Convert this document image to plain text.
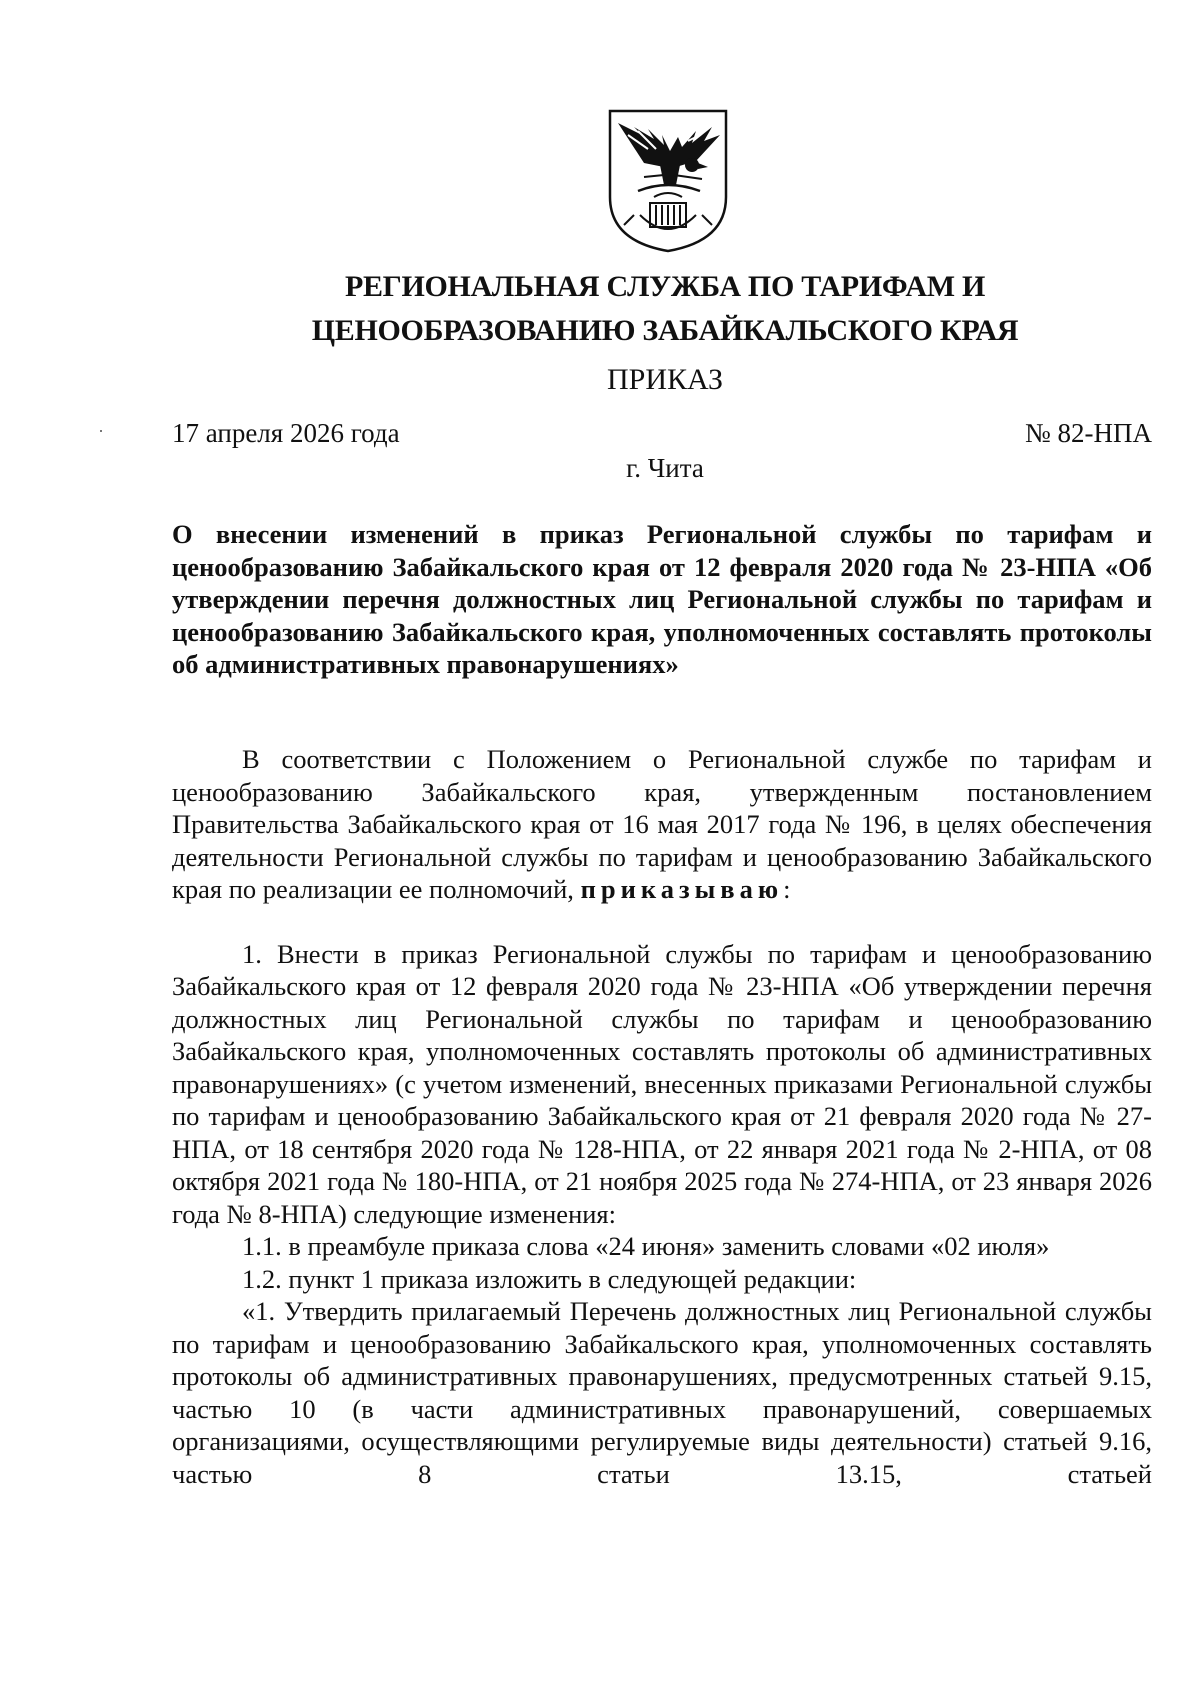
РЕГИОНАЛЬНАЯ СЛУЖБА ПО ТАРИФАМ И
ЦЕНООБРАЗОВАНИЮ ЗАБАЙКАЛЬСКОГО КРАЯ
ПРИКАЗ
17 апреля 2026 года	№ 82-НПА
г. Чита
О внесении изменений в приказ Региональной службы по тарифам и ценообразованию Забайкальского края от 12 февраля 2020 года № 23-НПА «Об утверждении перечня должностных лиц Региональной службы по тарифам и ценообразованию Забайкальского края, уполномоченных составлять протоколы об административных правонарушениях»

В соответствии с Положением о Региональной службе по тарифам и ценообразованию Забайкальского края, утвержденным постановлением Правительства Забайкальского края от 16 мая 2017 года № 196, в целях обеспечения деятельности Региональной службы по тарифам и ценообразованию Забайкальского края по реализации ее полномочий, приказываю:

1. Внести в приказ Региональной службы по тарифам и ценообразованию Забайкальского края от 12 февраля 2020 года № 23-НПА «Об утверждении перечня должностных лиц Региональной службы по тарифам и ценообразованию Забайкальского края, уполномоченных составлять протоколы об административных правонарушениях» (с учетом изменений, внесенных приказами Региональной службы по тарифам и ценообразованию Забайкальского края от 21 февраля 2020 года № 27-НПА, от 18 сентября 2020 года № 128-НПА, от 22 января 2021 года № 2-НПА, от 08 октября 2021 года № 180-НПА, от 21 ноября 2025 года № 274-НПА, от 23 января 2026 года № 8-НПА) следующие изменения:

1.1. в преамбуле приказа слова «24 июня» заменить словами «02 июля»

1.2. пункт 1 приказа изложить в следующей редакции:

«1. Утвердить прилагаемый Перечень должностных лиц Региональной службы по тарифам и ценообразованию Забайкальского края, уполномоченных составлять протоколы об административных правонарушениях, предусмотренных статьей 9.15, частью 10 (в части административных правонарушений, совершаемых организациями, осуществляющими регулируемые виды деятельности) статьей 9.16, частью 8 статьи 13.15, статьей
